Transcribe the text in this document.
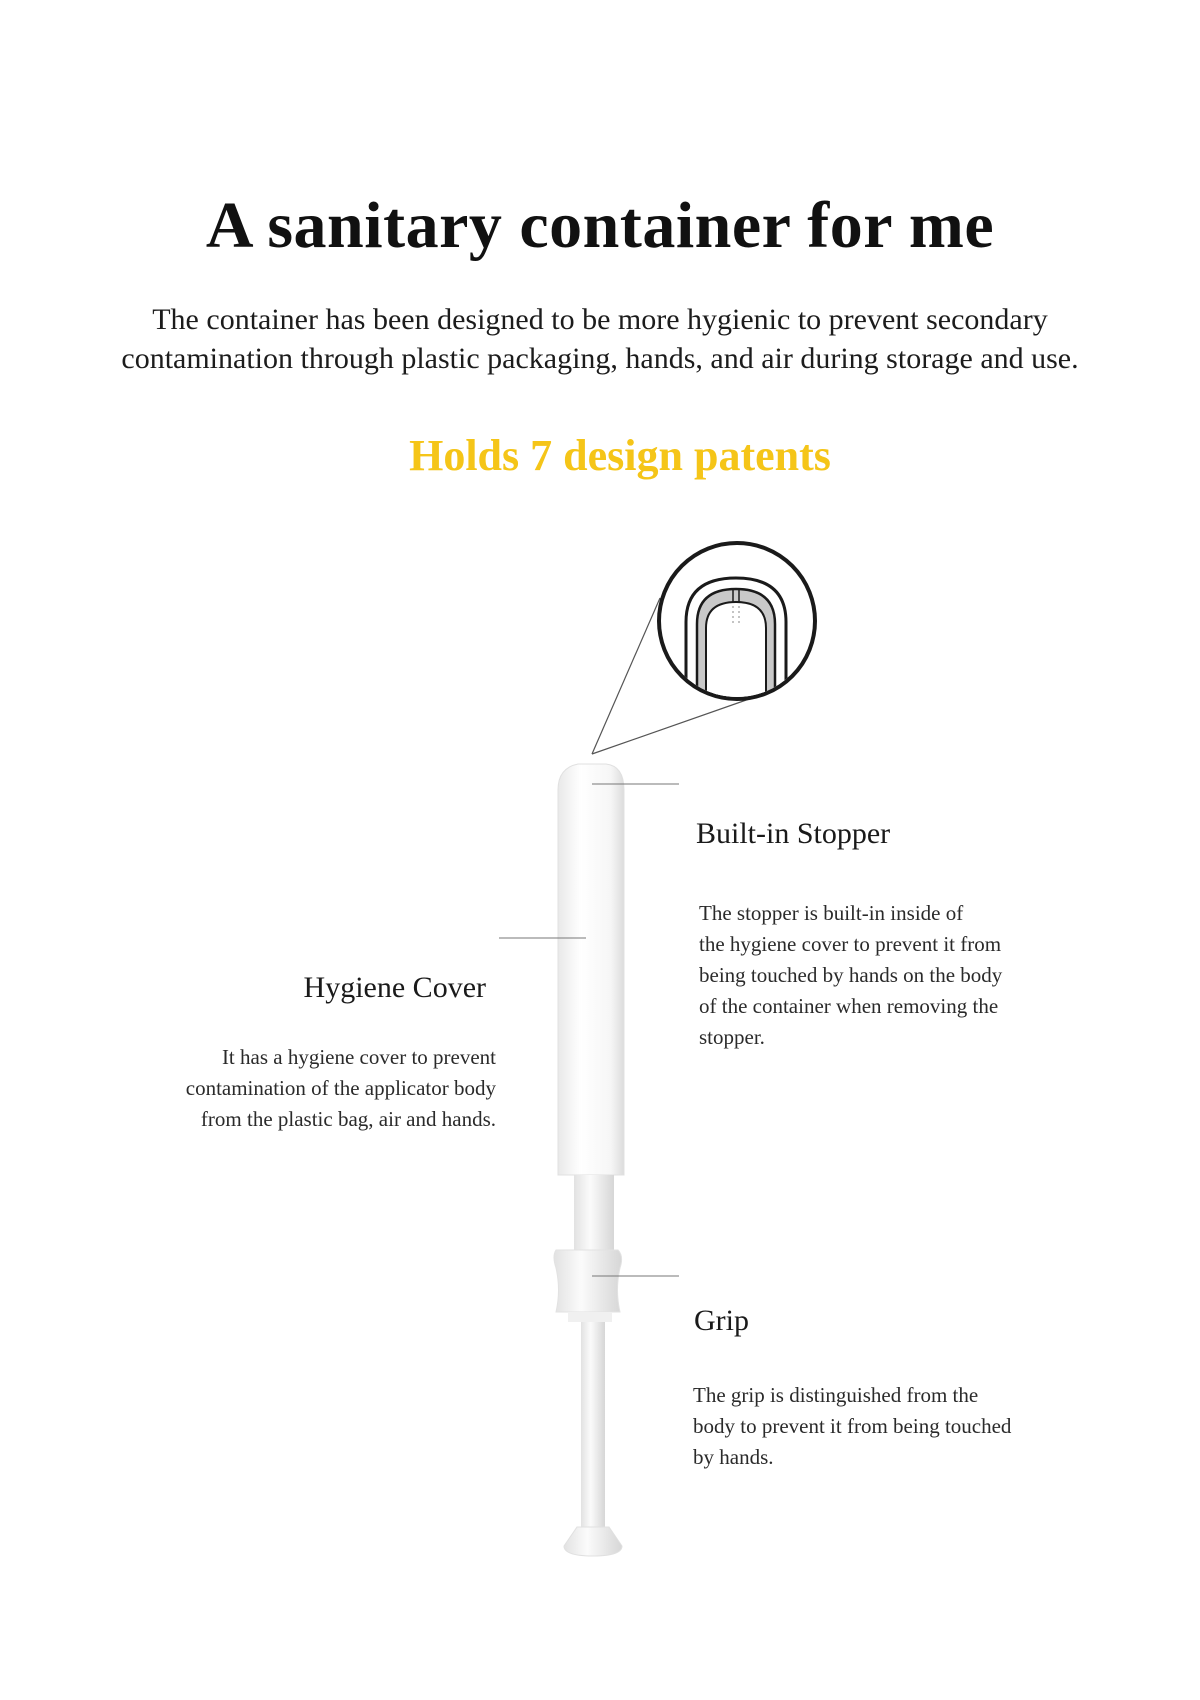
A sanitary container for me
The container has been designed to be more hygienic to prevent secondary
contamination through plastic packaging, hands, and air during storage and use.
Holds 7 design patents
Built-in Stopper
The stopper is built-in inside of
the hygiene cover to prevent it from
being touched by hands on the body
of the container when removing the
stopper.
Hygiene Cover
It has a hygiene cover to prevent
contamination of the applicator body
from the plastic bag, air and hands.
Grip
The grip is distinguished from the
body to prevent it from being touched
by hands.
